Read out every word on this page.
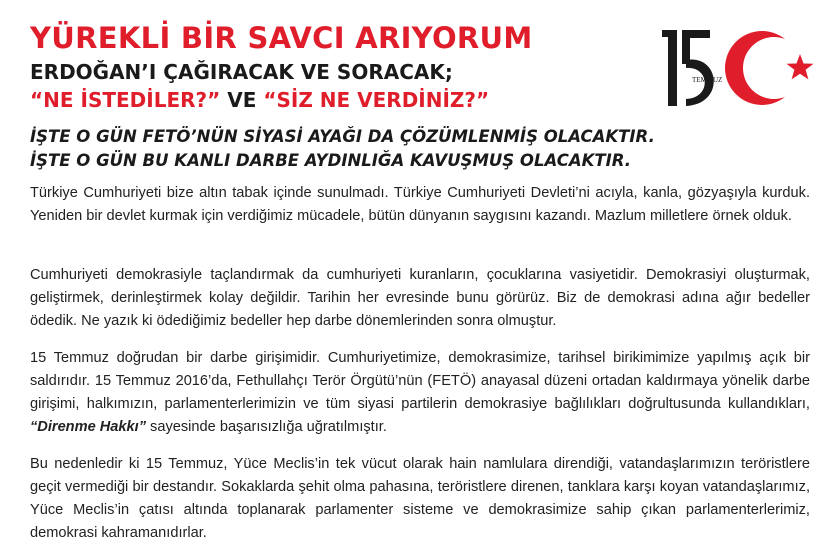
YÜREKLİ BİR SAVCI ARIYORUM
ERDOĞAN’I ÇAĞIRACAK VE SORACAK;
“NE İSTEDİLER?” VE “SİZ NE VERDİNİZ?”
İŞTE O GÜN FETÖ’NÜN SİYASİ AYAĞI DA ÇÖZÜMLENMİŞ OLACAKTIR.
İŞTE O GÜN BU KANLI DARBE AYDINLIĞA KAVUŞMUŞ OLACAKTIR.

Türkiye Cumhuriyeti bize altın tabak içinde sunulmadı. Türkiye Cumhuriyeti Devleti’ni acıyla, kanla, gözyaşıyla kurduk. Yeniden bir devlet kurmak için verdiğimiz mücadele, bütün dünyanın saygısını kazandı. Mazlum milletlere örnek olduk.

Cumhuriyeti demokrasiyle taçlandırmak da cumhuriyeti kuranların, çocuklarına vasiyetidir. Demokrasiyi oluşturmak, geliştirmek, derinleştirmek kolay değildir. Tarihin her evresinde bunu görürüz. Biz de demokrasi adına ağır bedeller ödedik. Ne yazık ki ödediğimiz bedeller hep darbe dönemlerinden sonra olmuştur.

15 Temmuz doğrudan bir darbe girişimidir. Cumhuriyetimize, demokrasimize, tarihsel birikimimize yapılmış açık bir saldırıdır. 15 Temmuz 2016’da, Fethullahçı Terör Örgütü’nün (FETÖ) anayasal düzeni ortadan kaldırmaya yönelik darbe girişimi, halkımızın, parlamenterlerimizin ve tüm siyasi partilerin demokrasiye bağlılıkları doğrultusunda kullandıkları, “Direnme Hakkı” sayesinde başarısızlığa uğratılmıştır.

Bu nedenledir ki 15 Temmuz, Yüce Meclis’in tek vücut olarak hain namlulara direndiği, vatandaşlarımızın teröristlere geçit vermediği bir destandır. Sokaklarda şehit olma pahasına, teröristlere direnen, tanklara karşı koyan vatandaşlarımız, Yüce Meclis’in çatısı altında toplanarak parlamenter sisteme ve demokrasimize sahip çıkan parlamenterlerimiz, demokrasi kahramanıdırlar.

TEMMUZ
